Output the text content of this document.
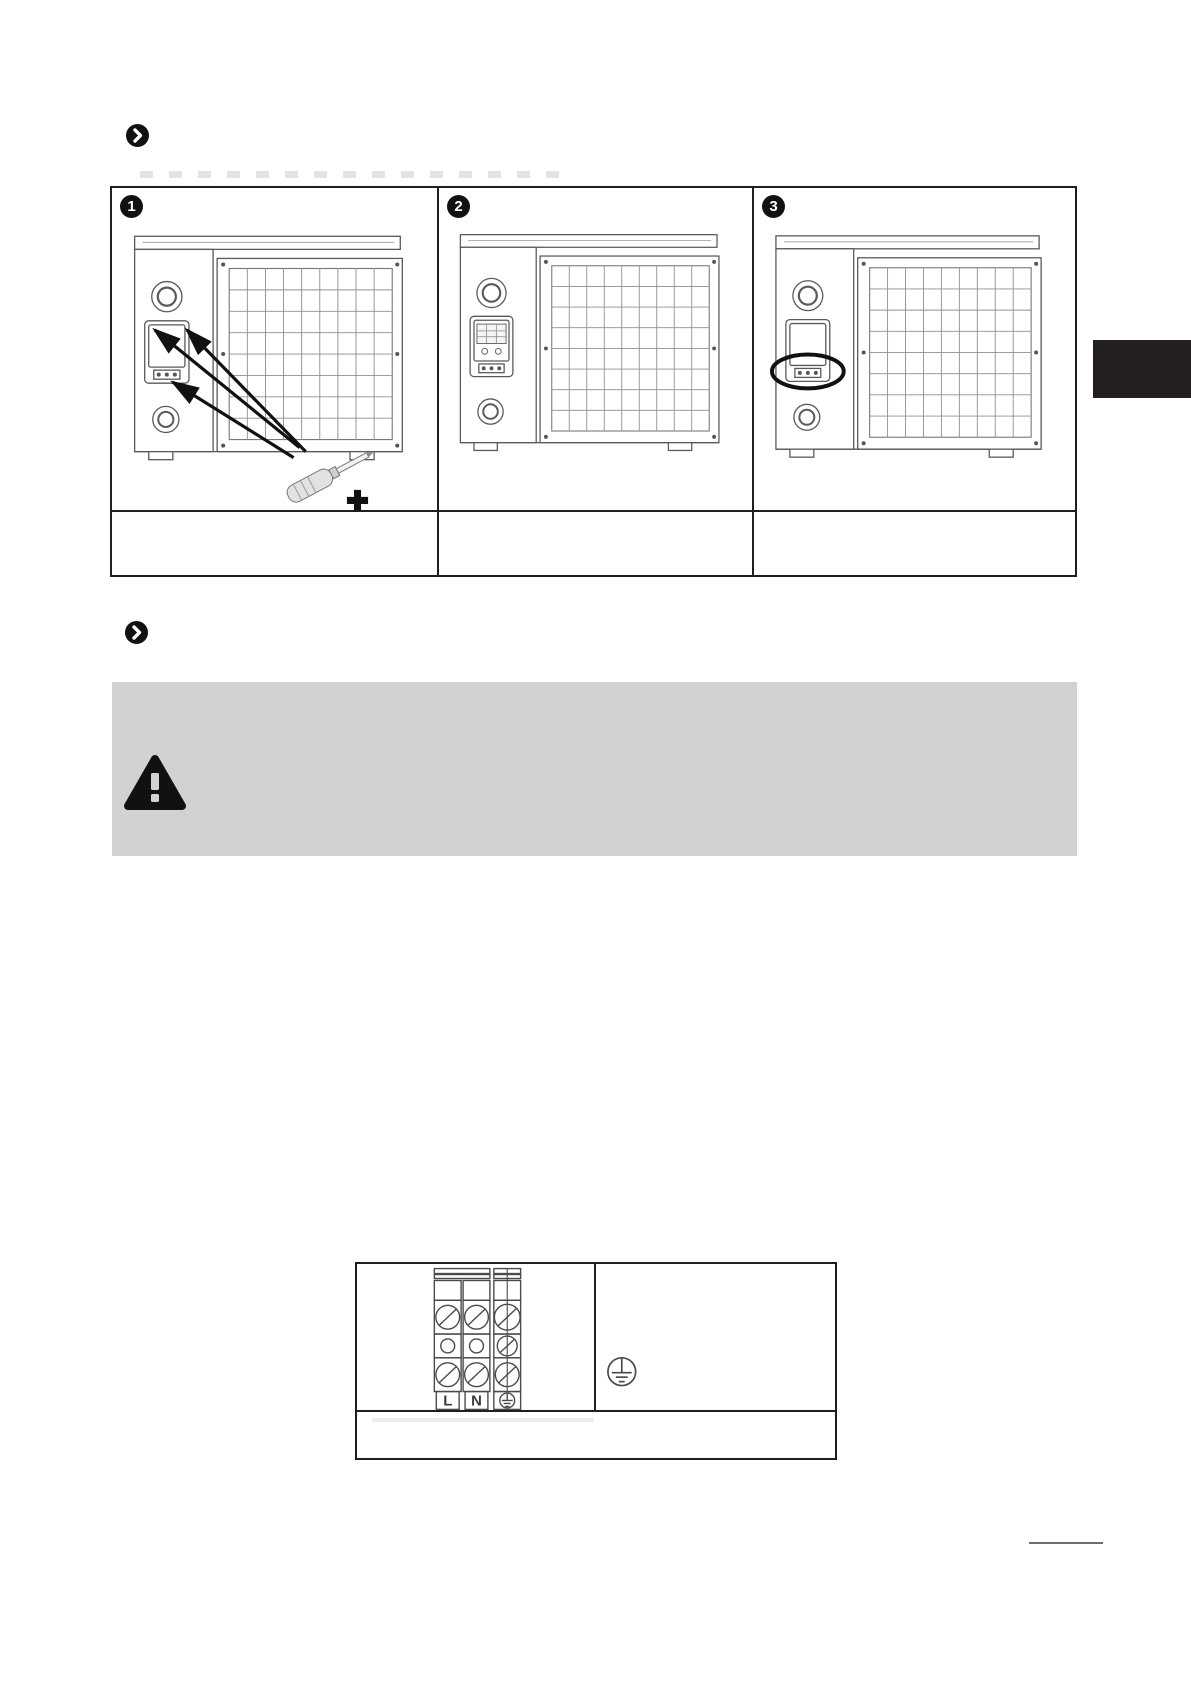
1	2	3
L N
